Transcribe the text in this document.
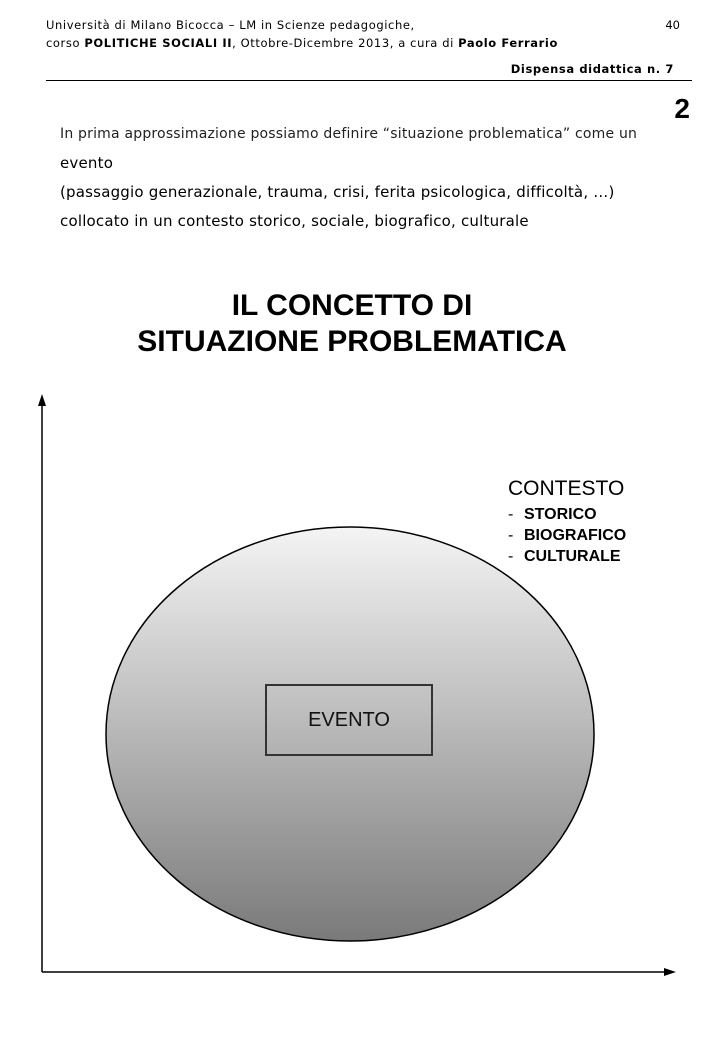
Università di Milano Bicocca – LM in Scienze pedagogiche,
corso POLITICHE SOCIALI II, Ottobre-Dicembre 2013, a cura di Paolo Ferrario
40
Dispensa didattica n. 7
2
In prima approssimazione possiamo definire “situazione problematica” come un
evento
(passaggio generazionale, trauma, crisi, ferita psicologica, difficoltà, …)
collocato in un contesto storico, sociale, biografico, culturale
IL CONCETTO DI
SITUAZIONE PROBLEMATICA
CONTESTO
- STORICO
- BIOGRAFICO
- CULTURALE
EVENTO
